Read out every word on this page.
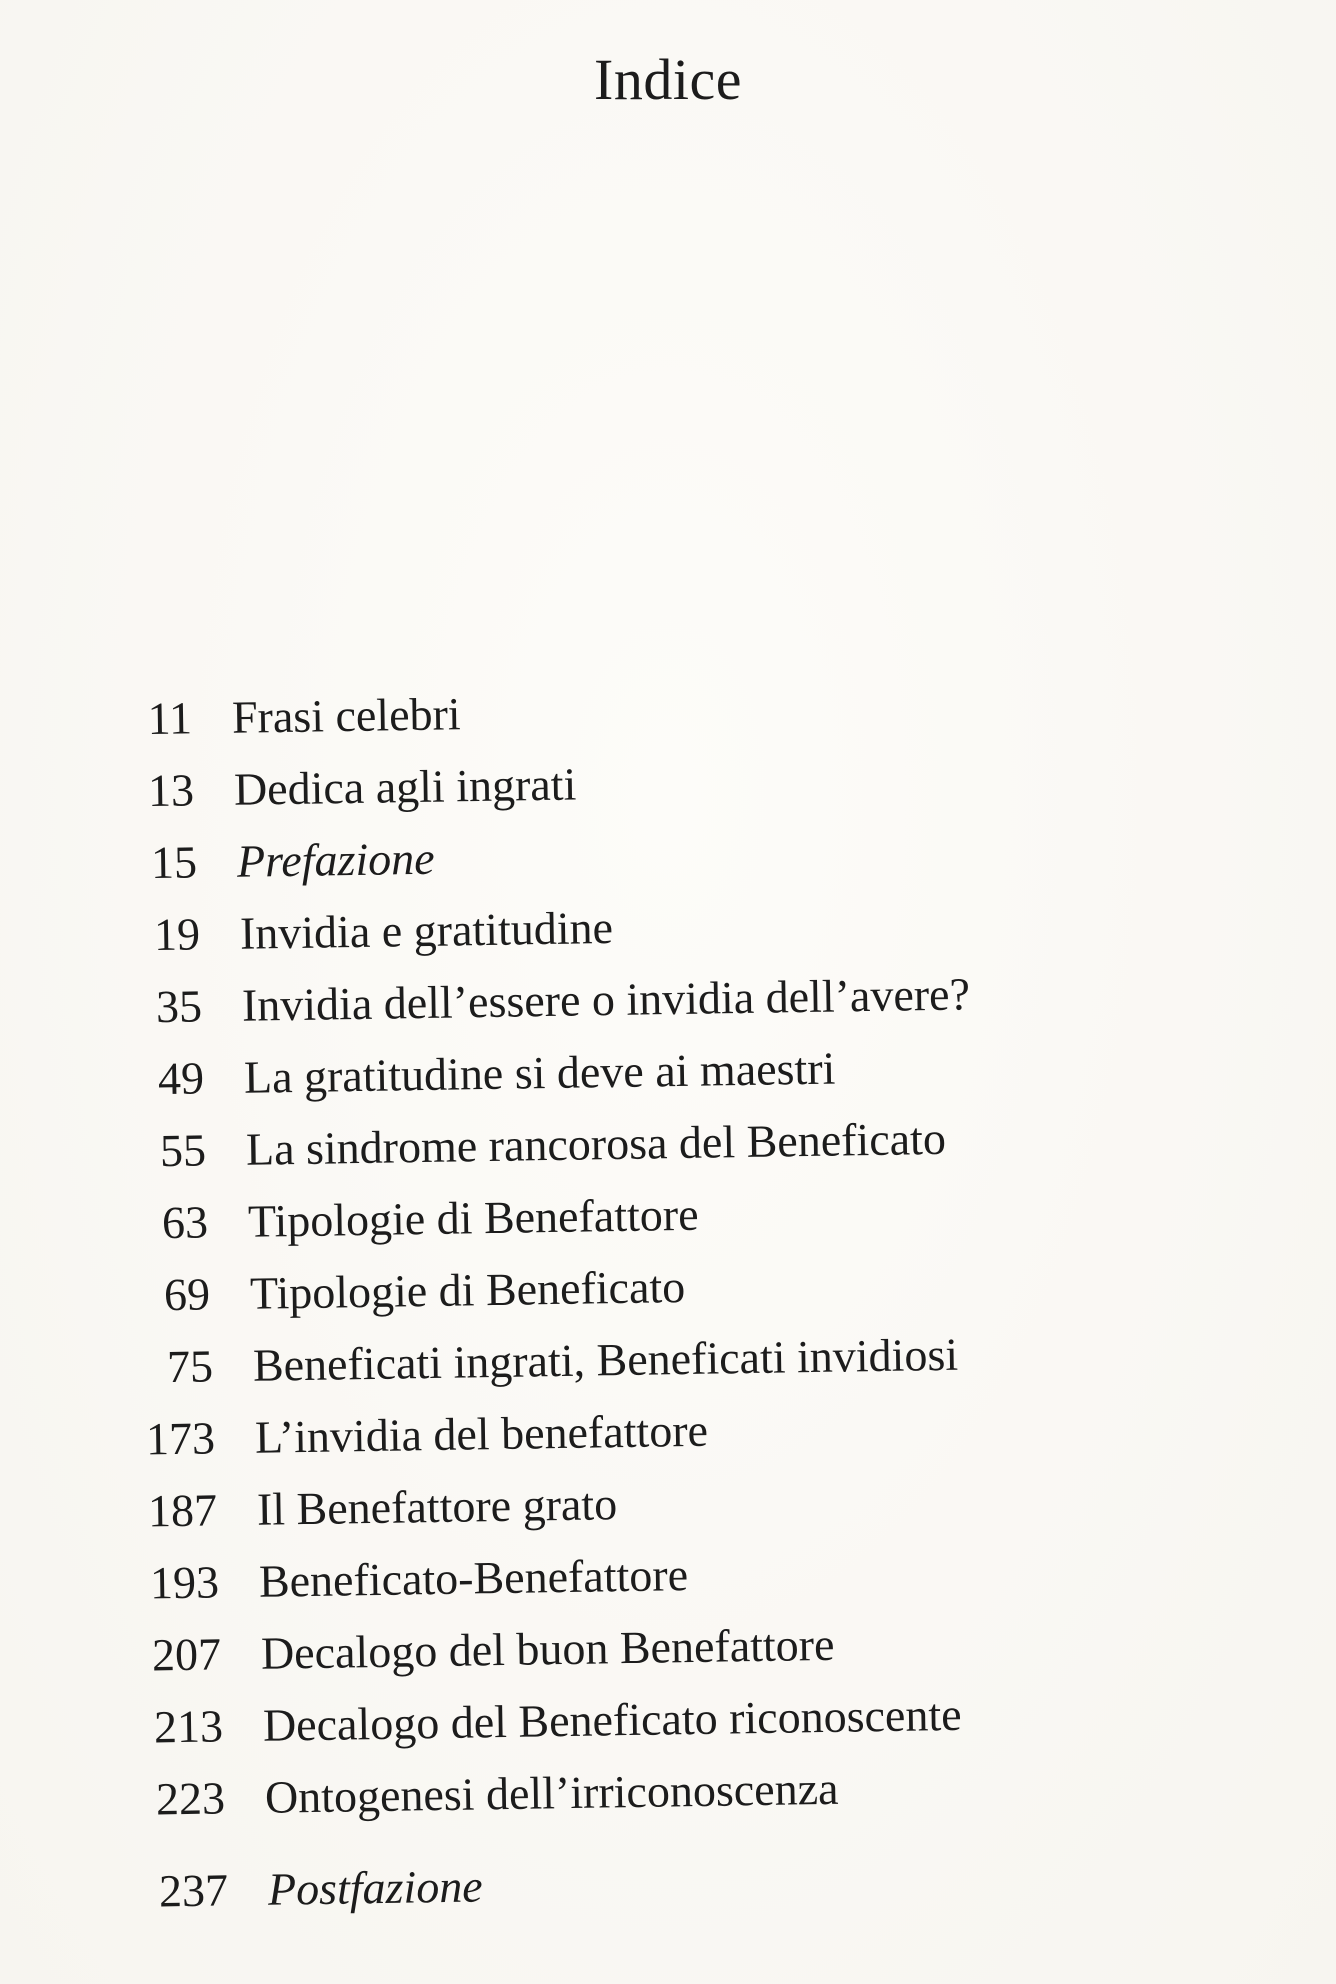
Indice
11 Frasi celebri
13 Dedica agli ingrati
15 Prefazione
19 Invidia e gratitudine
35 Invidia dell’essere o invidia dell’avere?
49 La gratitudine si deve ai maestri
55 La sindrome rancorosa del Beneficato
63 Tipologie di Benefattore
69 Tipologie di Beneficato
75 Beneficati ingrati, Beneficati invidiosi
173 L’invidia del benefattore
187 Il Benefattore grato
193 Beneficato-Benefattore
207 Decalogo del buon Benefattore
213 Decalogo del Beneficato riconoscente
223 Ontogenesi dell’irriconoscenza
237 Postfazione
